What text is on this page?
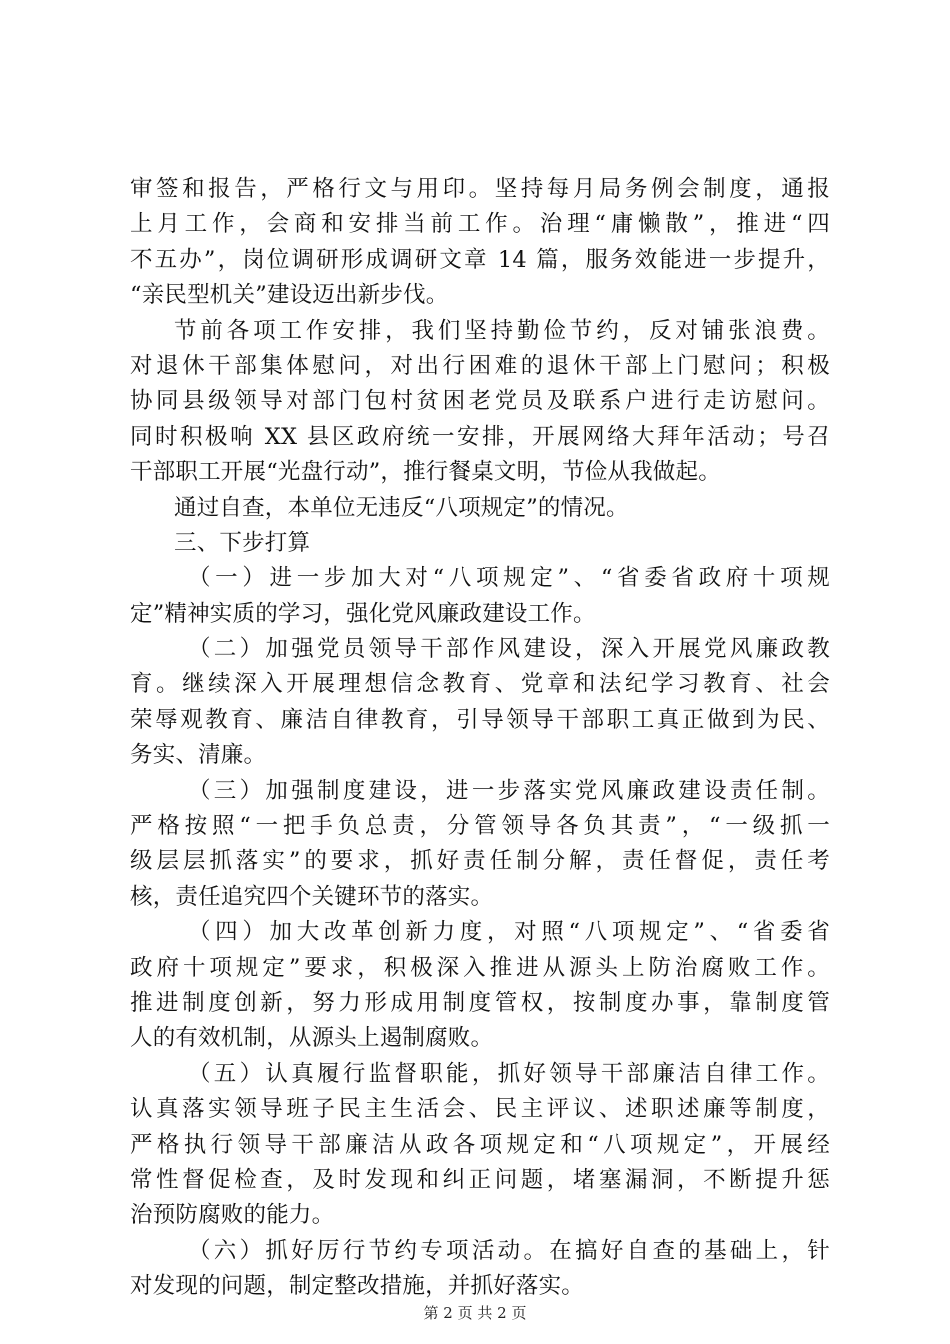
审签和报告，严格行文与用印。坚持每月局务例会制度，通报
上月工作，会商和安排当前工作。治理“庸懒散”，推进“四
不五办”，岗位调研形成调研文章 14 篇，服务效能进一步提升，
“亲民型机关”建设迈出新步伐。
节前各项工作安排，我们坚持勤俭节约，反对铺张浪费。
对退休干部集体慰问，对出行困难的退休干部上门慰问；积极
协同县级领导对部门包村贫困老党员及联系户进行走访慰问。
同时积极响 XX 县区政府统一安排，开展网络大拜年活动；号召
干部职工开展“光盘行动”，推行餐桌文明，节俭从我做起。
通过自查，本单位无违反“八项规定”的情况。
三、下步打算
（一）进一步加大对“八项规定”、“省委省政府十项规
定”精神实质的学习，强化党风廉政建设工作。
（二）加强党员领导干部作风建设，深入开展党风廉政教
育。继续深入开展理想信念教育、党章和法纪学习教育、社会
荣辱观教育、廉洁自律教育，引导领导干部职工真正做到为民、
务实、清廉。
（三）加强制度建设，进一步落实党风廉政建设责任制。
严格按照“一把手负总责，分管领导各负其责”，“一级抓一
级层层抓落实”的要求，抓好责任制分解，责任督促，责任考
核，责任追究四个关键环节的落实。
（四）加大改革创新力度，对照“八项规定”、“省委省
政府十项规定”要求，积极深入推进从源头上防治腐败工作。
推进制度创新，努力形成用制度管权，按制度办事，靠制度管
人的有效机制，从源头上遏制腐败。
（五）认真履行监督职能，抓好领导干部廉洁自律工作。
认真落实领导班子民主生活会、民主评议、述职述廉等制度，
严格执行领导干部廉洁从政各项规定和“八项规定”，开展经
常性督促检查，及时发现和纠正问题，堵塞漏洞，不断提升惩
治预防腐败的能力。
（六）抓好厉行节约专项活动。在搞好自查的基础上，针
对发现的问题，制定整改措施，并抓好落实。
第 2 页 共 2 页
